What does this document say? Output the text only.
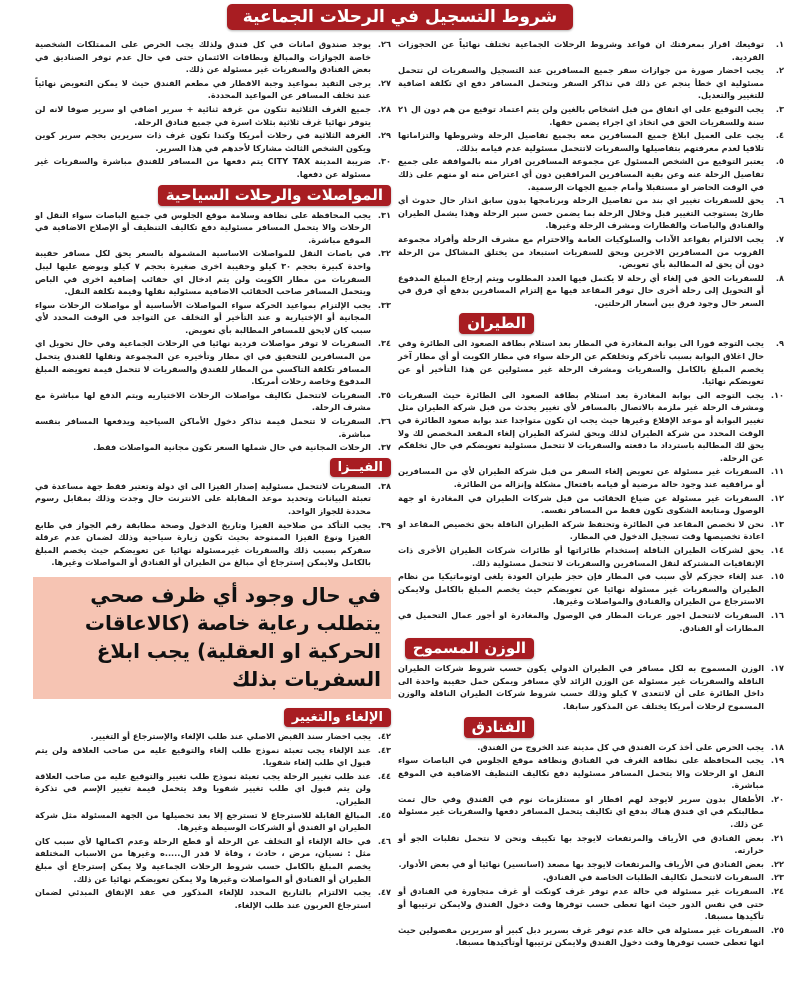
شروط التسجيل في الرحلات الجماعية
١.
توقيعك اقرار بمعرفتك ان قواعد وشروط الرحلات الجماعية تختلف نهائياً عن الحجوزات الفردية.
٢.
يجب احضار صورة من جوازات سفر جميع المسافرين عند التسجيل والسفريات لن تتحمل مسئولية اي خطأ ينجم عن ذلك في تذاكر السفر ويتحمل المسافر دفع اي تكلفة اضافية للتغيير والتعديل.
٣.
يجب التوقيع على اي اتفاق من قبل اشخاص بالغين ولن يتم اعتماد توقيع من هم دون ال ٢١ سنة وللسفريات الحق في اتخاذ اي اجراء يضمن حقها.
٤.
يجب على العميل ابلاغ جميع المسافرين معه بجميع تفاصيل الرحلة وشروطها والتزاماتها تلافيا لعدم معرفتهم بتفاصيلها والسفريات لاتتحمل مسئولية عدم قيامه بذلك.
٥.
يعتبر التوقيع من الشخص المسئول عن مجموعة المسافرين اقرار منه بالموافقة على جميع تفاصيل الرحلة عنه وعن بقية المسافرين المرافقين دون أي اعتراض منه او منهم على ذلك في الوقت الحاضر او مستقبلا وأمام جميع الجهات الرسمية.
٦.
يحق للسفريات تغيير اي بند من تفاصيل الرحلة وبرنامجها بدون سابق انذار حال حدوث أي طارئ يستوجب التغيير قبل وخلال الرحلة بما يضمن حسن سير الرحلة وهذا يشمل الطيران والفنادق والباصات والقطارات ومشرف الرحلة وغيرها.
٧.
يجب الالتزام بقواعد الآداب والسلوكيات العامة والاحترام مع مشرف الرحلة وأفراد مجموعة القروب من المسافرين الاخرين ويحق للسفريات استبعاد من يختلق المشاكل من الرحلة دون أن يحق له المطالبة بأي تعويض.
٨.
للسفريات الحق في إلغاء أي رحلة لا يكتمل فيها العدد المطلوب ويتم إرجاع المبلغ المدفوع أو التحويل إلى رحلة أخرى حال توفر المقاعد فيها مع إلتزام المسافرين بدفع أي فرق في السعر حال وجود فرق بين أسعار الرحلتين.
الطيران
٩.
يجب التوجه فورا الى بوابة المغادرة في المطار بعد استلام بطاقة الصعود الى الطائرة وفي حال اغلاق البوابة بسبب تأخركم وتخلفكم عن الرحلة سواء في مطار الكويت أو أي مطار آخر يخصم المبلغ بالكامل والسفريات ومشرف الرحلة غير مسئولين عن هذا التأخير أو عن تعويضكم نهائيا.
١٠.
يجب التوجه الى بوابة المغادرة بعد استلام بطاقة الصعود الى الطائرة حيث السفريات ومشرف الرحلة غير ملزمة بالاتصال بالمسافر لأي تغيير يحدث من قبل شركة الطيران مثل تغيير البوابة أو موعد الإقلاع وغيرها حيث يجب ان تكون متواجدا عند بوابة صعود الطائرة في الوقت المحدد من شركة الطيران لذلك ويحق لشركة الطيران إلغاء المقعد المخصص لك ولا يحق لك المطالبة باسترداد ما دفعته والسفريات لا تتحمل مسئولية تعويضكم في حال تخلفكم عن الرحلة.
١١.
السفريات غير مسئولة عن تعويض إلغاء السفر من قبل شركة الطيران لأي من المسافرين أو مرافقيه عند وجود حالة مرضية أو قيامه بافتعال مشكلة وإنزاله من الطائرة.
١٢.
السفريات غير مسئولة عن ضياع الحقائب من قبل شركات الطيران في المغادرة او جهة الوصول ومتابعة الشكوى تكون فقط من المسافر نفسه.
١٣.
نحن لا نخصص المقاعد في الطائرة وتحتفظ شركة الطيران الناقلة بحق تخصيص المقاعد او اعادة تخصيصها وقت تسجيل الدخول في المطار.
١٤.
يحق لشركات الطيران الناقلة إستخدام طائراتها أو طائرات شركات الطيران الأخرى ذات الإتفاقيات المشتركة لنقل المسافرين والسفريات لا تتحمل مسئولية ذلك.
١٥.
عند إلغاء حجزكم لأي سبب في المطار فإن حجز طيران العودة يلغى اوتوماتيكيا من نظام الطيران والسفريات غير مسئولة نهائيا عن تعويضكم حيث يخصم المبلغ بالكامل ولايمكن الاسترجاع من الطيران والفنادق والمواصلات وغيرها.
١٦.
السفريات لاتتحمل اجور عربات المطار في الوصول والمغادرة او أجور عمال التحميل في المطارات أو الفنادق.
الوزن المسموح
١٧.
الوزن المسموح به لكل مسافر في الطيران الدولي يكون حسب شروط شركات الطيران الناقلة والسفريات غير مسئولة عن الوزن الزائد لأي مسافر ويمكن حمل حقيبة واحدة الى داخل الطائرة على أن لاتتعدى ٧ كيلو وذلك حسب شروط شركات الطيران الناقلة والوزن المسموح لرحلات أمريكا يختلف عن المذكور سابقا.
الفنادق
١٨.
يجب الحرص على أخذ كرت الفندق في كل مدينة عند الخروج من الفندق.
١٩.
يجب المحافظة على نظافة الغرف في الفنادق ونظافة موقع الجلوس في الباصات سواء النقل او الرحلات والا يتحمل المسافر مسئولية دفع تكاليف التنظيف الاضافية في الموقع مباشرة.
٢٠.
الأطفال بدون سرير لايوجد لهم افطار او مستلزمات نوم في الفندق وفي حال تمت مطالبتكم في اي فندق هناك بدفع اي تكاليف يتحمل المسافر دفعها والسفريات غير مسئولة عن ذلك.
٢١.
بعض الفنادق في الأرياف والمرتفعات لايوجد بها تكييف ونحن لا نتحمل تقلبات الجو أو حرارته.
٢٢.
بعض الفنادق في الأرياف والمرتفعات لايوجد بها مصعد (اسانسير) نهائيا أو في بعض الأدوار.
٢٣.
السفريات لاتتحمل تكاليف الطلبات الخاصة في الفنادق.
٢٤.
السفريات غير مسئولة في حالة عدم توفر غرف كونكت أو غرف متجاورة في الفنادق أو حتى في نفس الدور حيث انها تعطى حسب توفرها وقت دخول الفندق ولايمكن ترتيبها أو تأكيدها مسبقا.
٢٥.
السفريات غير مسئولة في حالة عدم توفر غرف بسرير دبل كبير أو سريرين مفصولين حيث انها تعطى حسب توفرها وقت دخول الفندق ولايمكن ترتيبها أوتأكيدها مسبقا.
٢٦.
يوجد صندوق امانات في كل فندق ولذلك يجب الحرص على الممتلكات الشخصية خاصة الجوازات والمبالغ وبطاقات الائتمان حتى في حال عدم توفر الصناديق في بعض الفنادق والسفريات غير مسئولة عن ذلك.
٢٧.
يرجى التقيد بمواعيد وجبة الافطار في مطعم الفندق حيث لا يمكن التعويض نهائياً عند تخلف المسافر عن المواعيد المحددة.
٢٨.
جميع الغرف الثلاثية تتكون من غرفة ثنائية + سرير اضافي او سرير صوفا لانه لن يتوفر نهائيا غرف ثلاثية بثلاث اسرة في جميع فنادق الرحلة.
٢٩.
الغرفة الثلاثية في رحلات أمريكا وكندا تكون غرف ذات سريرين بحجم سرير كوين ويكون الشخص الثالث مشاركا لأحدهم في هذا السرير.
٣٠.
ضريبة المدينة CITY TAX يتم دفعها من المسافر للفندق مباشرة والسفريات غير مسئولة عن دفعها.
المواصلات والرحلات السياحية
٣١.
يجب المحافظة على نظافة وسلامة موقع الجلوس في جميع الباصات سواء النقل او الرحلات والا يتحمل المسافر مسئولية دفع تكاليف التنظيف أو الإصلاح الاضافية في الموقع مباشرة.
٣٢.
في باصات النقل للمواصلات الاساسية المشمولة بالسعر يحق لكل مسافر حقيبة واحدة كبيرة بحجم ٣٠ كيلو وحقيبة اخرى صغيرة بحجم ٧ كيلو ويوضع عليها ليبل السفريات من مطار الكويت ولن يتم ادخال اي حقائب إضافية اخرى في الباص ويتحمل المسافر صاحب الحقائب الاضافية مسئولية نقلها وقيمة تكلفة النقل.
٣٣.
يجب الإلتزام بمواعيد الحركة سواء المواصلات الأساسية أو مواصلات الرحلات سواء المجانية أو الإختيارية و عند التأخير أو التخلف عن التواجد في الوقت المحدد لأي سبب كان لايحق للمسافر المطالبة بأي تعويض.
٣٤.
السفريات لا توفر مواصلات فردية نهائيا في الرحلات الجماعية وفي حال تحويل اي من المسافرين للتحقيق في اي مطار وتأخيره عن المجموعة ونقلها للفندق يتحمل المسافر تكلفة التاكسي من المطار للفندق والسفريات لا تتحمل قيمة تعويضه المبلغ المدفوع وخاصة رحلات أمريكا.
٣٥.
السفريات لاتتحمل تكاليف مواصلات الرحلات الاختياريه ويتم الدفع لها مباشرة مع مشرف الرحلة.
٣٦.
السفريات لا تتحمل قيمة تذاكر دخول الأماكن السياحية ويدفعها المسافر بنفسه مباشرة.
٣٧.
الرحلات المجانية في حال شملها السعر تكون مجانية المواصلات فقط.
الفيــزا
٣٨.
السفريات لاتتحمل مسئولية إصدار الفيزا الى اي دولة وتعتبر فقط جهة مساعدة في تعبئة البيانات وتحديد موعد المقابلة على الانترنت حال وجدت وذلك بمقابل رسوم محددة للجواز الواحد.
٣٩.
يجب التأكد من صلاحية الفيزا وتاريخ الدخول وصحة مطابقة رقم الجواز في طابع الفيزا ونوع الفيزا الممنوحة بحيث تكون زيارة سياحية وذلك لضمان عدم عرقلة سفركم بسبب ذلك والسفريات غيرمسئولة نهائيا عن تعويضكم حيث يخصم المبلغ بالكامل ولايمكن إسترجاع أي مبالغ من الطيران أو الفنادق أو المواصلات وغيرها.
في حال وجود أي ظرف صحي يتطلب رعاية خاصة (كالاعاقات الحركية او العقلية) يجب ابلاغ السفريات بذلك
الإلغاء والتغيير
٤٢.
يجب احضار سند القبض الاصلي عند طلب الإلغاء والإسترجاع أو التغيير.
٤٣.
عند الإلغاء يجب تعبئة نموذج طلب إلغاء والتوقيع عليه من صاحب العلاقة ولن يتم قبول اي طلب إلغاء شفويا.
٤٤.
عند طلب تغيير الرحلة يجب تعبئة نموذج طلب تغيير والتوقيع عليه من صاحب العلاقة ولن يتم قبول اي طلب تغيير شفويا وقد يتحمل قيمة تغيير الإسم في تذكرة الطيران.
٤٥.
المبالغ القابلة للاسترجاع لا تسترجع إلا بعد تحصيلها من الجهة المسئولة مثل شركة الطيران او الفندق أو الشركات الوسيطة وغيرها.
٤٦.
في حالة الإلغاء أو التخلف عن الرحلة أو قطع الرحلة وعدم اكمالها لأي سبب كان مثل : نسيان، مرض ، حادث ، وفاة لا قدر ال.....ه وغيرها من الاسباب المختلفة يخصم المبلغ بالكامل حسب شروط الرحلات الجماعية ولا يمكن إسترجاع أي مبلغ الطيران أو الفنادق أو المواصلات وغيرها ولا يمكن تعويضكم نهائيا عن ذلك.
٤٧.
يجب الالتزام بالتاريخ المحدد للإلغاء المذكور في عقد الإتفاق المبدئي لضمان استرجاع العربون عند طلب الإلغاء.
